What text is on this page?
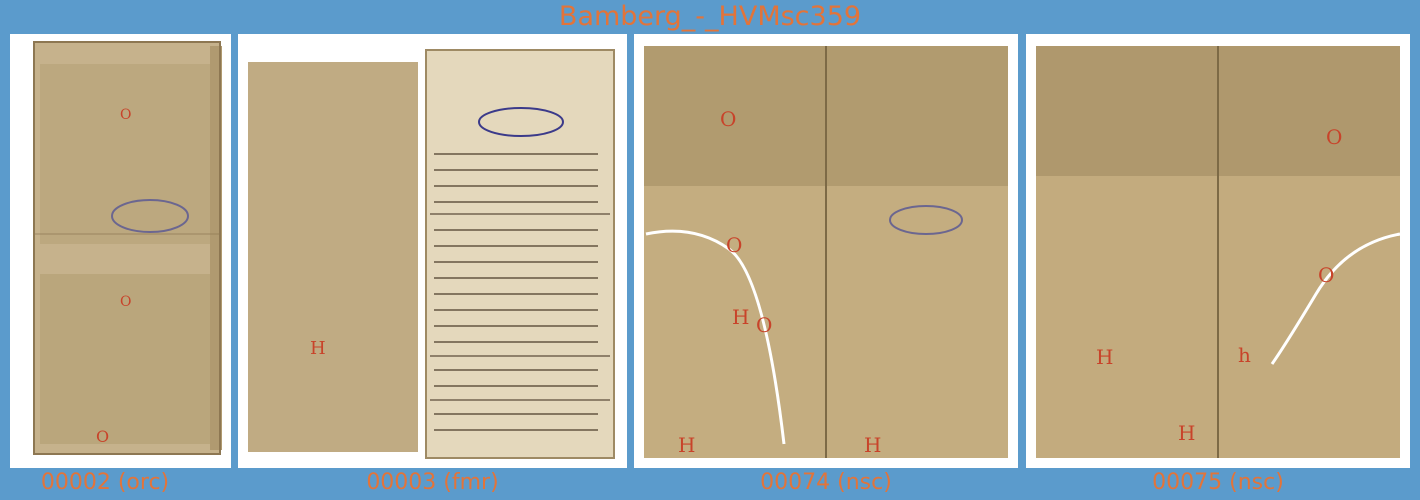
Bamberg_-_HVMsc359
O
O
O
H
H O
O
O
H	H
H	h
H
O
O
00002 (orc)	00003 (fmr)	00074 (nsc)	00075 (nsc)
